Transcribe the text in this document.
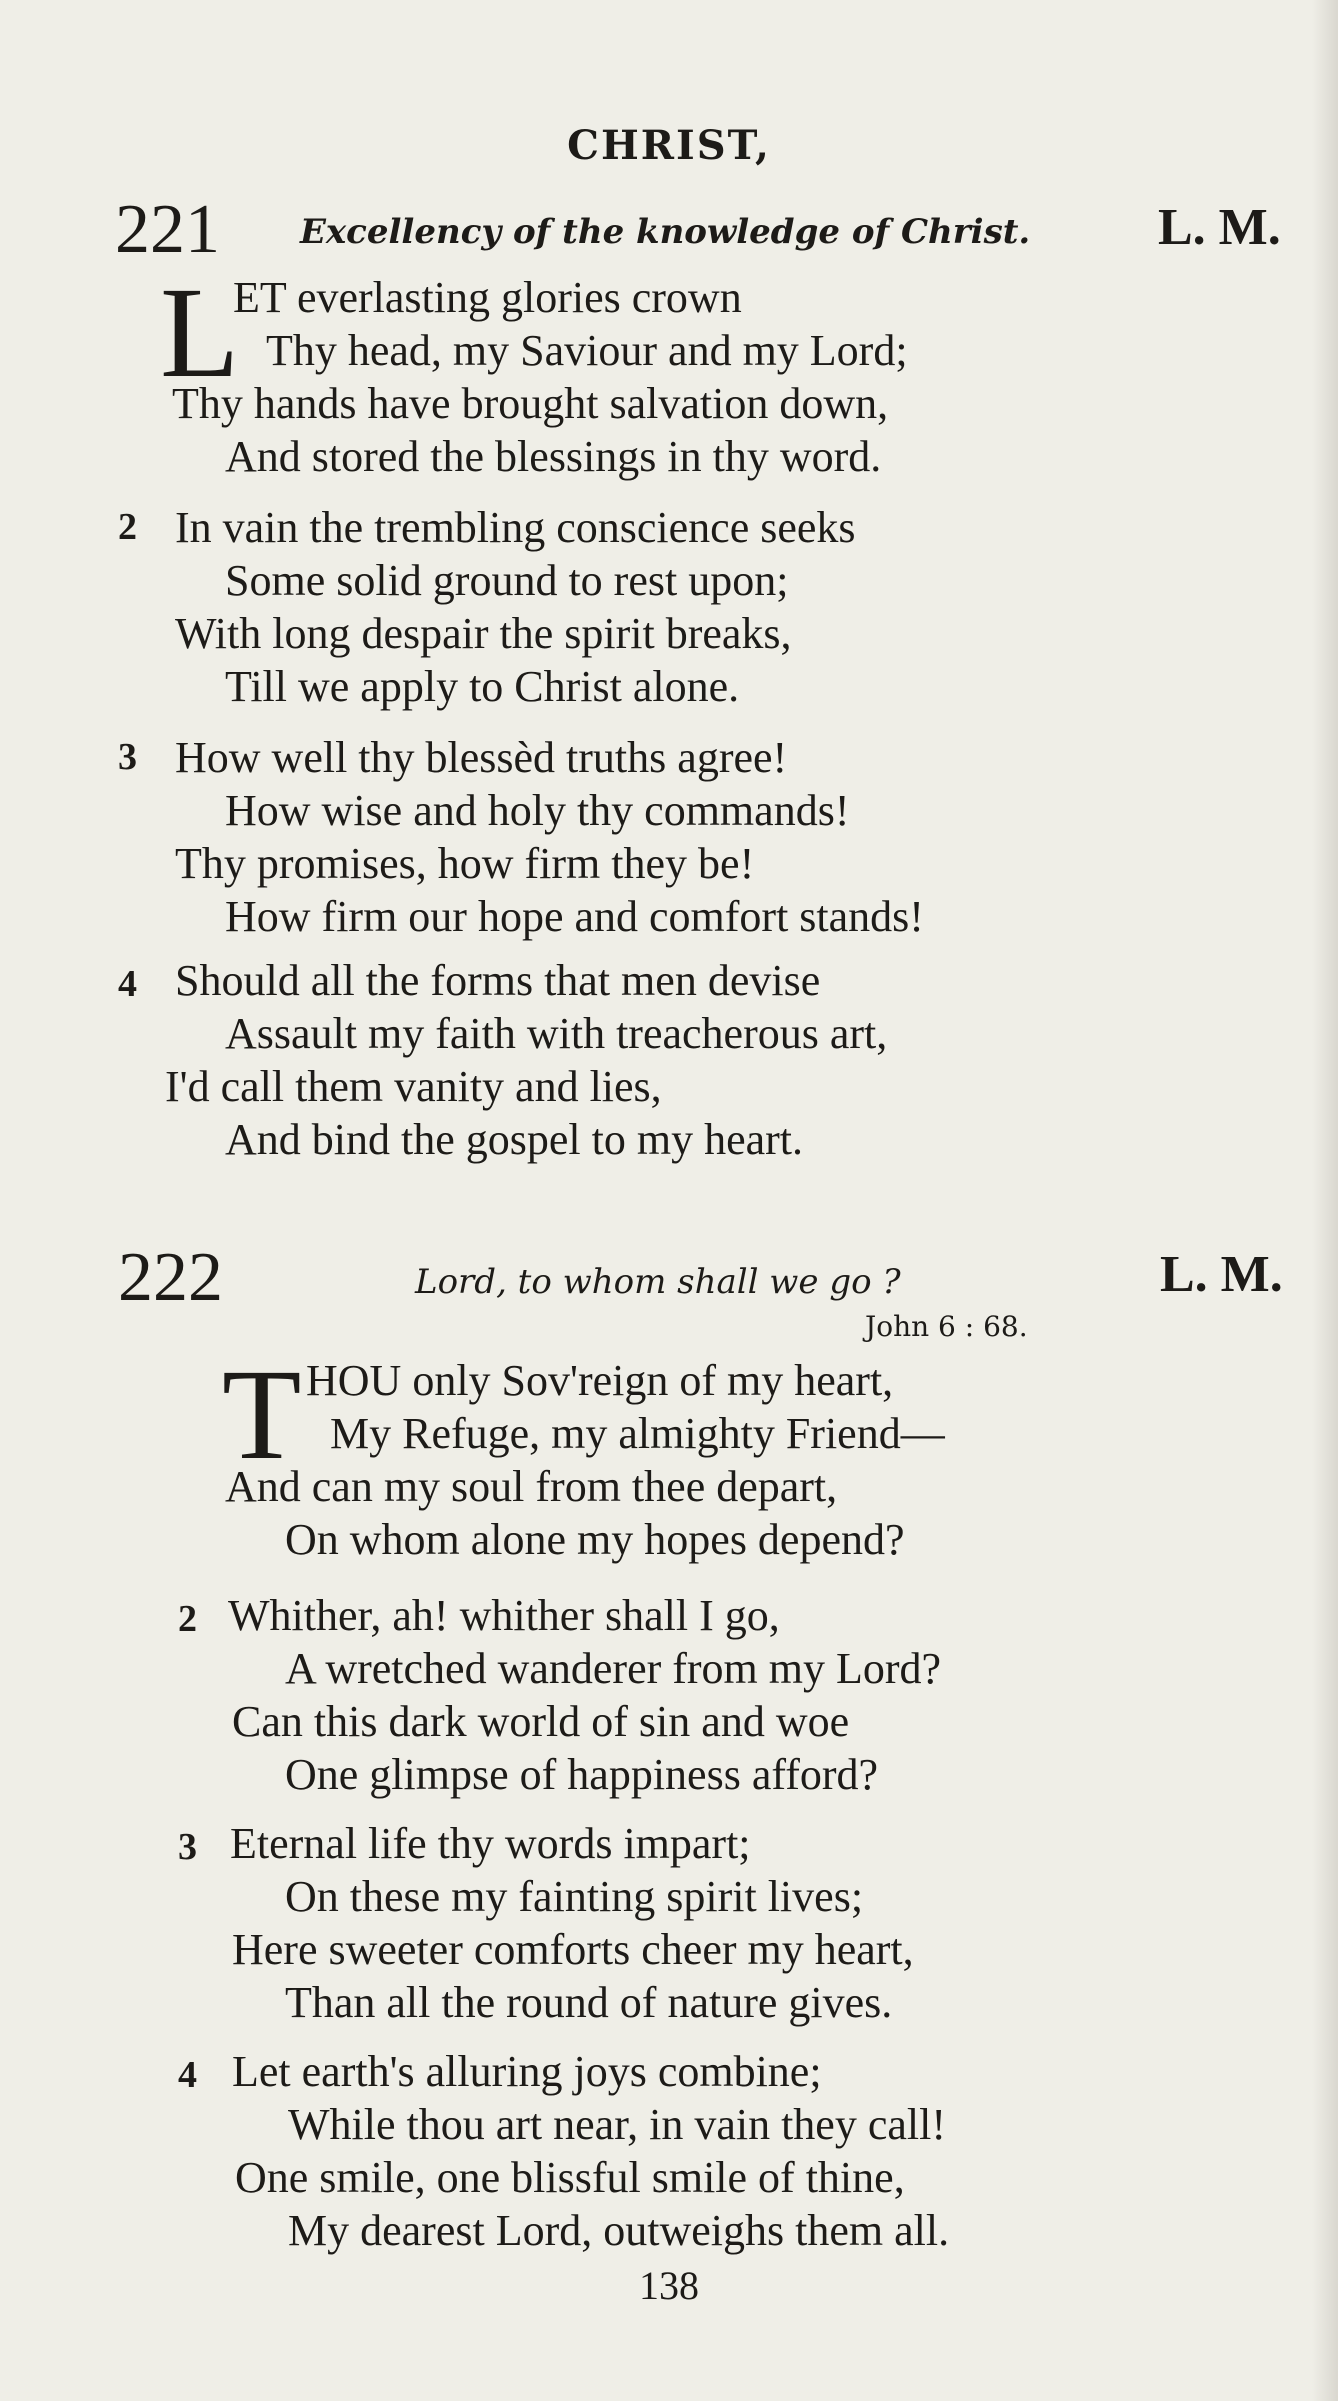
CHRIST,
221 Excellency of the knowledge of Christ. L. M.
L
ET everlasting glories crown
Thy head, my Saviour and my Lord;
Thy hands have brought salvation down,
And stored the blessings in thy word.
2 In vain the trembling conscience seeks
Some solid ground to rest upon;
With long despair the spirit breaks,
Till we apply to Christ alone.
3 How well thy blessèd truths agree!
How wise and holy thy commands!
Thy promises, how firm they be!
How firm our hope and comfort stands!
4 Should all the forms that men devise
Assault my faith with treacherous art,
I'd call them vanity and lies,
And bind the gospel to my heart.
222	Lord, to whom shall we go ?	L. M.
John 6 : 68.
T HOU only Sov'reign of my heart,
My Refuge, my almighty Friend—
And can my soul from thee depart,
On whom alone my hopes depend?
2 Whither, ah! whither shall I go,
A wretched wanderer from my Lord?
Can this dark world of sin and woe
One glimpse of happiness afford?
3 Eternal life thy words impart;
On these my fainting spirit lives;
Here sweeter comforts cheer my heart,
Than all the round of nature gives.
4 Let earth's alluring joys combine;
While thou art near, in vain they call!
One smile, one blissful smile of thine,
My dearest Lord, outweighs them all.
138
